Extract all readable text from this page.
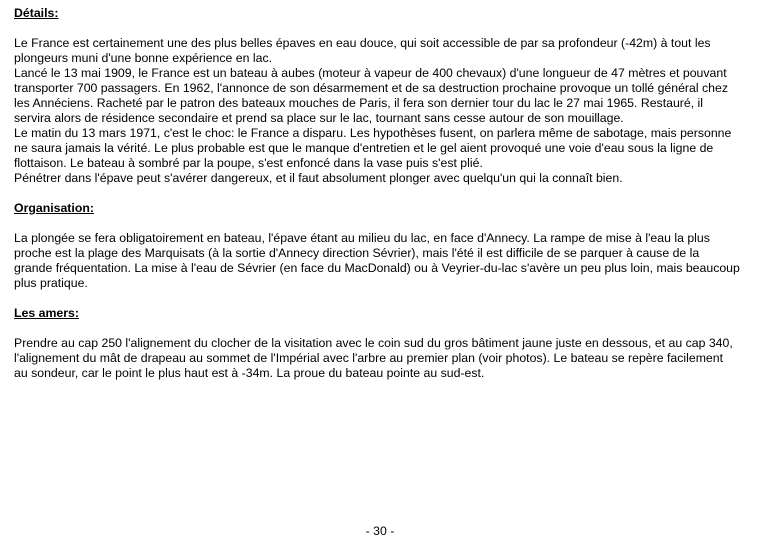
Détails:

Le France est certainement une des plus belles épaves en eau douce, qui soit accessible de par sa profondeur (-42m) à tout les plongeurs muni d'une bonne expérience en lac.

Lancé le 13 mai 1909, le France est un bateau à aubes (moteur à vapeur de 400 chevaux) d'une longueur de 47 mètres et pouvant transporter 700 passagers. En 1962, l'annonce de son désarmement et de sa destruction prochaine provoque un tollé général chez les Annéciens. Racheté par le patron des bateaux mouches de Paris, il fera son dernier tour du lac le 27 mai 1965. Restauré, il servira alors de résidence secondaire et prend sa place sur le lac, tournant sans cesse autour de son mouillage.

Le matin du 13 mars 1971, c'est le choc: le France a disparu. Les hypothèses fusent, on parlera même de sabotage, mais personne ne saura jamais la vérité. Le plus probable est que le manque d'entretien et le gel aient provoqué une voie d'eau sous la ligne de flottaison. Le bateau à sombré par la poupe, s'est enfoncé dans la vase puis s'est plié.

Pénétrer dans l'épave peut s'avérer dangereux, et il faut absolument plonger avec quelqu'un qui la connaît bien.

Organisation:

La plongée se fera obligatoirement en bateau, l'épave étant au milieu du lac, en face d'Annecy. La rampe de mise à l'eau la plus proche est la plage des Marquisats (à la sortie d'Annecy direction Sévrier), mais l'été il est difficile de se parquer à cause de la grande fréquentation. La mise à l'eau de Sévrier (en face du MacDonald) ou à Veyrier-du-lac s'avère un peu plus loin, mais beaucoup plus pratique.

Les amers:

Prendre au cap 250 l'alignement du clocher de la visitation avec le coin sud du gros bâtiment jaune juste en dessous, et au cap 340, l'alignement du mât de drapeau au sommet de l'Impérial avec l'arbre au premier plan (voir photos). Le bateau se repère facilement au sondeur, car le point le plus haut est à -34m. La proue du bateau pointe au sud-est.

- 30 -
